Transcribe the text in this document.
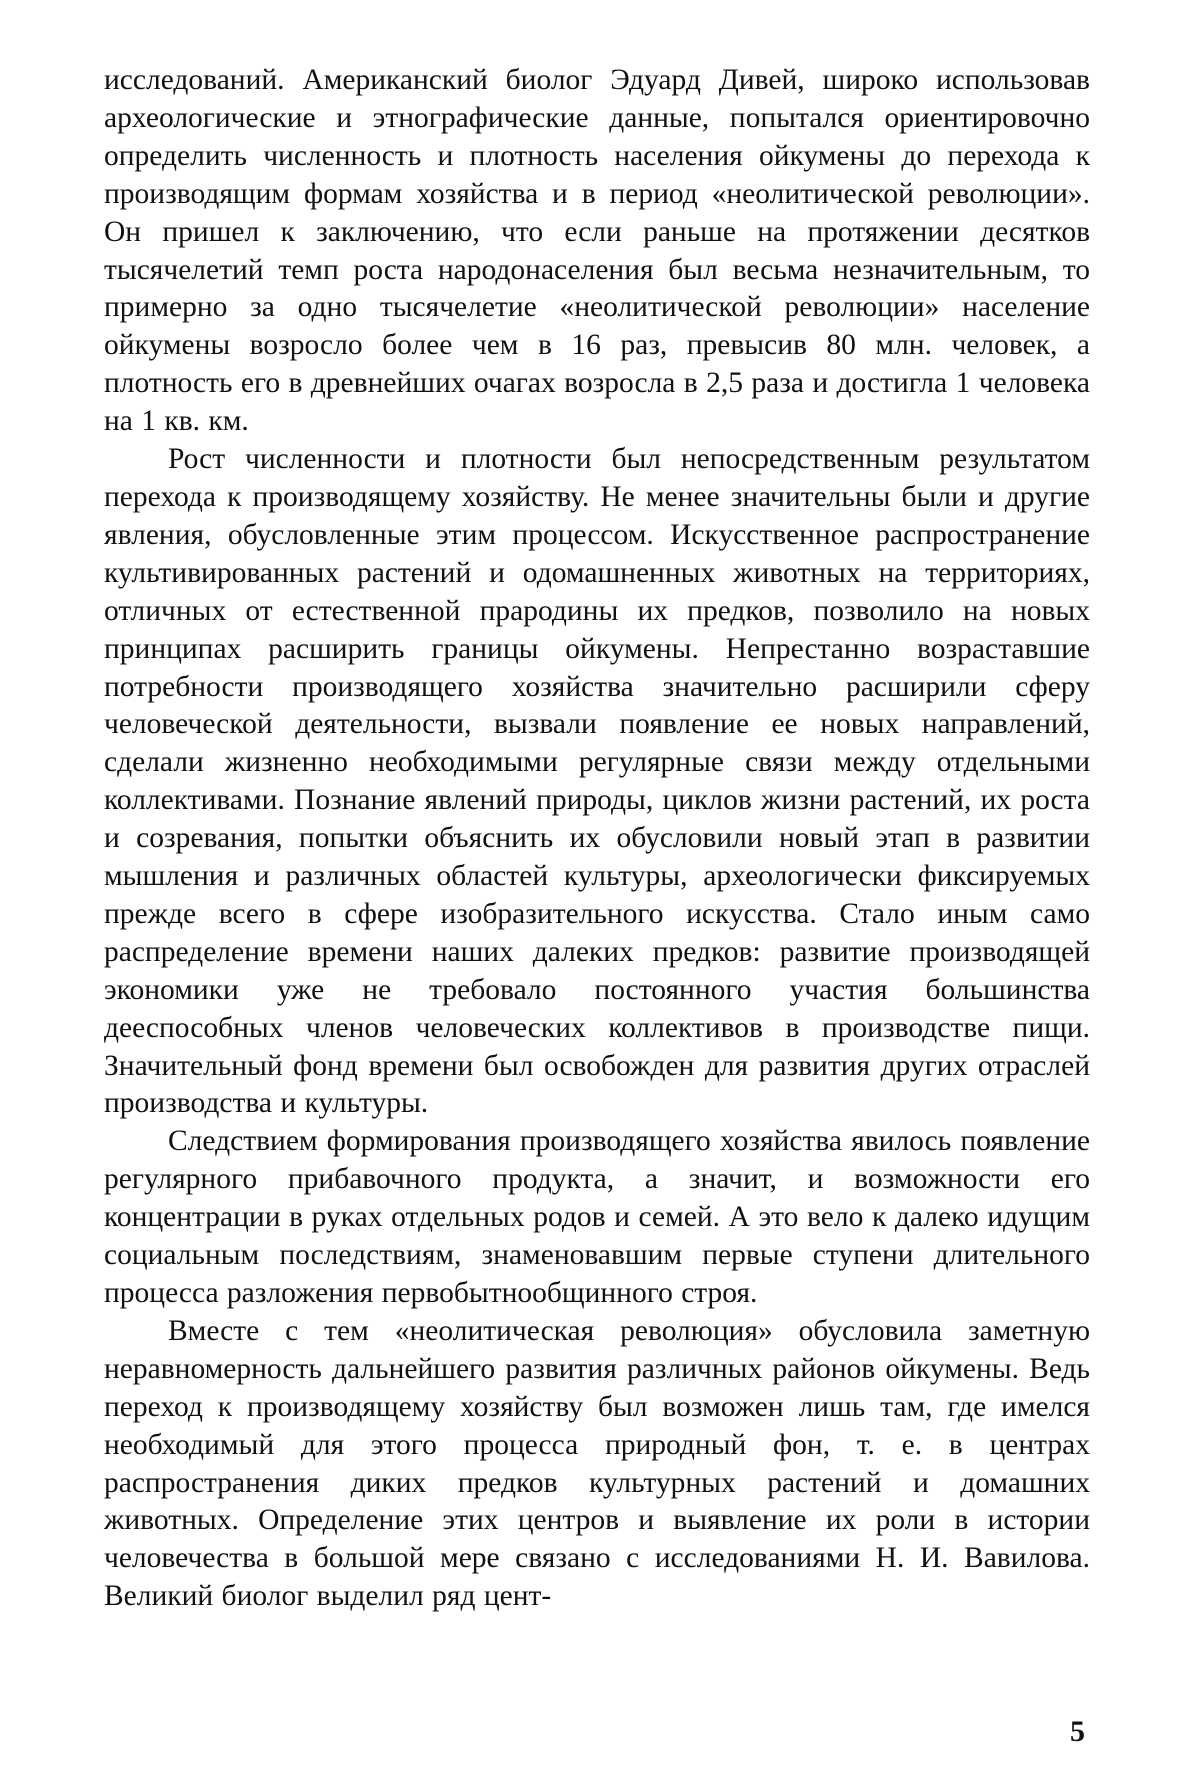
исследований. Американский биолог Эдуард Дивей, широко использовав археологические и этнографические данные, попытался ориентировочно определить численность и плотность населения ойкумены до перехода к производящим формам хозяйства и в период «неолитической революции». Он пришел к заключению, что если раньше на протяжении десятков тысячелетий темп роста народонаселения был весьма незначительным, то примерно за одно тысячелетие «неолитической революции» население ойкумены возросло более чем в 16 раз, превысив 80 млн. человек, а плотность его в древнейших очагах возросла в 2,5 раза и достигла 1 человека на 1 кв. км.

Рост численности и плотности был непосредственным результатом перехода к производящему хозяйству. Не менее значительны были и другие явления, обусловленные этим процессом. Искусственное распространение культивированных растений и одомашненных животных на территориях, отличных от естественной прародины их предков, позволило на новых принципах расширить границы ойкумены. Непрестанно возраставшие потребности производящего хозяйства значительно расширили сферу человеческой деятельности, вызвали появление ее новых направлений, сделали жизненно необходимыми регулярные связи между отдельными коллективами. Познание явлений природы, циклов жизни растений, их роста и созревания, попытки объяснить их обусловили новый этап в развитии мышления и различных областей культуры, археологически фиксируемых прежде всего в сфере изобразительного искусства. Стало иным само распределение времени наших далеких предков: развитие производящей экономики уже не требовало постоянного участия большинства дееспособных членов человеческих коллективов в производстве пищи. Значительный фонд времени был освобожден для развития других отраслей производства и культуры.

Следствием формирования производящего хозяйства явилось появление регулярного прибавочного продукта, а значит, и возможности его концентрации в руках отдельных родов и семей. А это вело к далеко идущим социальным последствиям, знаменовавшим первые ступени длительного процесса разложения первобытнообщинного строя.

Вместе с тем «неолитическая революция» обусловила заметную неравномерность дальнейшего развития различных районов ойкумены. Ведь переход к производящему хозяйству был возможен лишь там, где имелся необходимый для этого процесса природный фон, т. е. в центрах распространения диких предков культурных растений и домашних животных. Определение этих центров и выявление их роли в истории человечества в большой мере связано с исследованиями Н. И. Вавилова. Великий биолог выделил ряд цент-

5
